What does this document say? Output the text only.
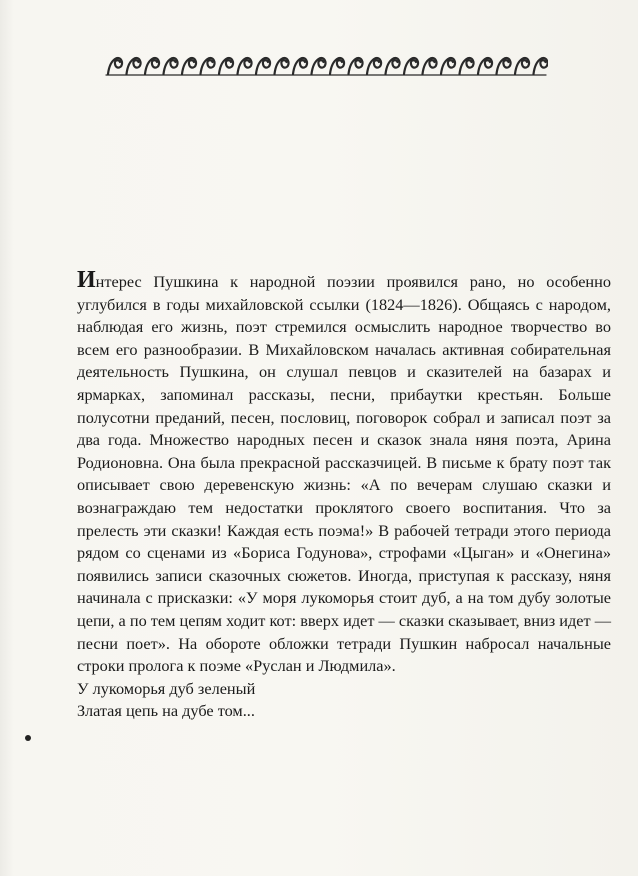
Интерес Пушкина к народной поэзии проявился рано, но особенно углубился в годы михайловской ссылки (1824—1826). Общаясь с народом, наблюдая его жизнь, поэт стремился осмыслить народное творчество во всем его разнообразии. В Михайловском началась активная собирательная деятельность Пушкина, он слушал певцов и сказителей на базарах и ярмарках, запоминал рассказы, песни, прибаутки крестьян. Больше полусотни преданий, песен, пословиц, поговорок собрал и записал поэт за два года. Множество народных песен и сказок знала няня поэта, Арина Родионовна. Она была прекрасной рассказчицей. В письме к брату поэт так описывает свою деревенскую жизнь: «А по вечерам слушаю сказки и вознаграждаю тем недостатки проклятого своего воспитания. Что за прелесть эти сказки! Каждая есть поэма!» В рабочей тетради этого периода рядом со сценами из «Бориса Годунова», строфами «Цыган» и «Онегина» появились записи сказочных сюжетов. Иногда, приступая к рассказу, няня начинала с присказки: «У моря лукоморья стоит дуб, а на том дубу золотые цепи, а по тем цепям ходит кот: вверх идет — сказки сказывает, вниз идет — песни поет». На обороте обложки тетради Пушкин набросал начальные строки пролога к поэме «Руслан и Людмила».

У лукоморья дуб зеленый

Златая цепь на дубе том...
